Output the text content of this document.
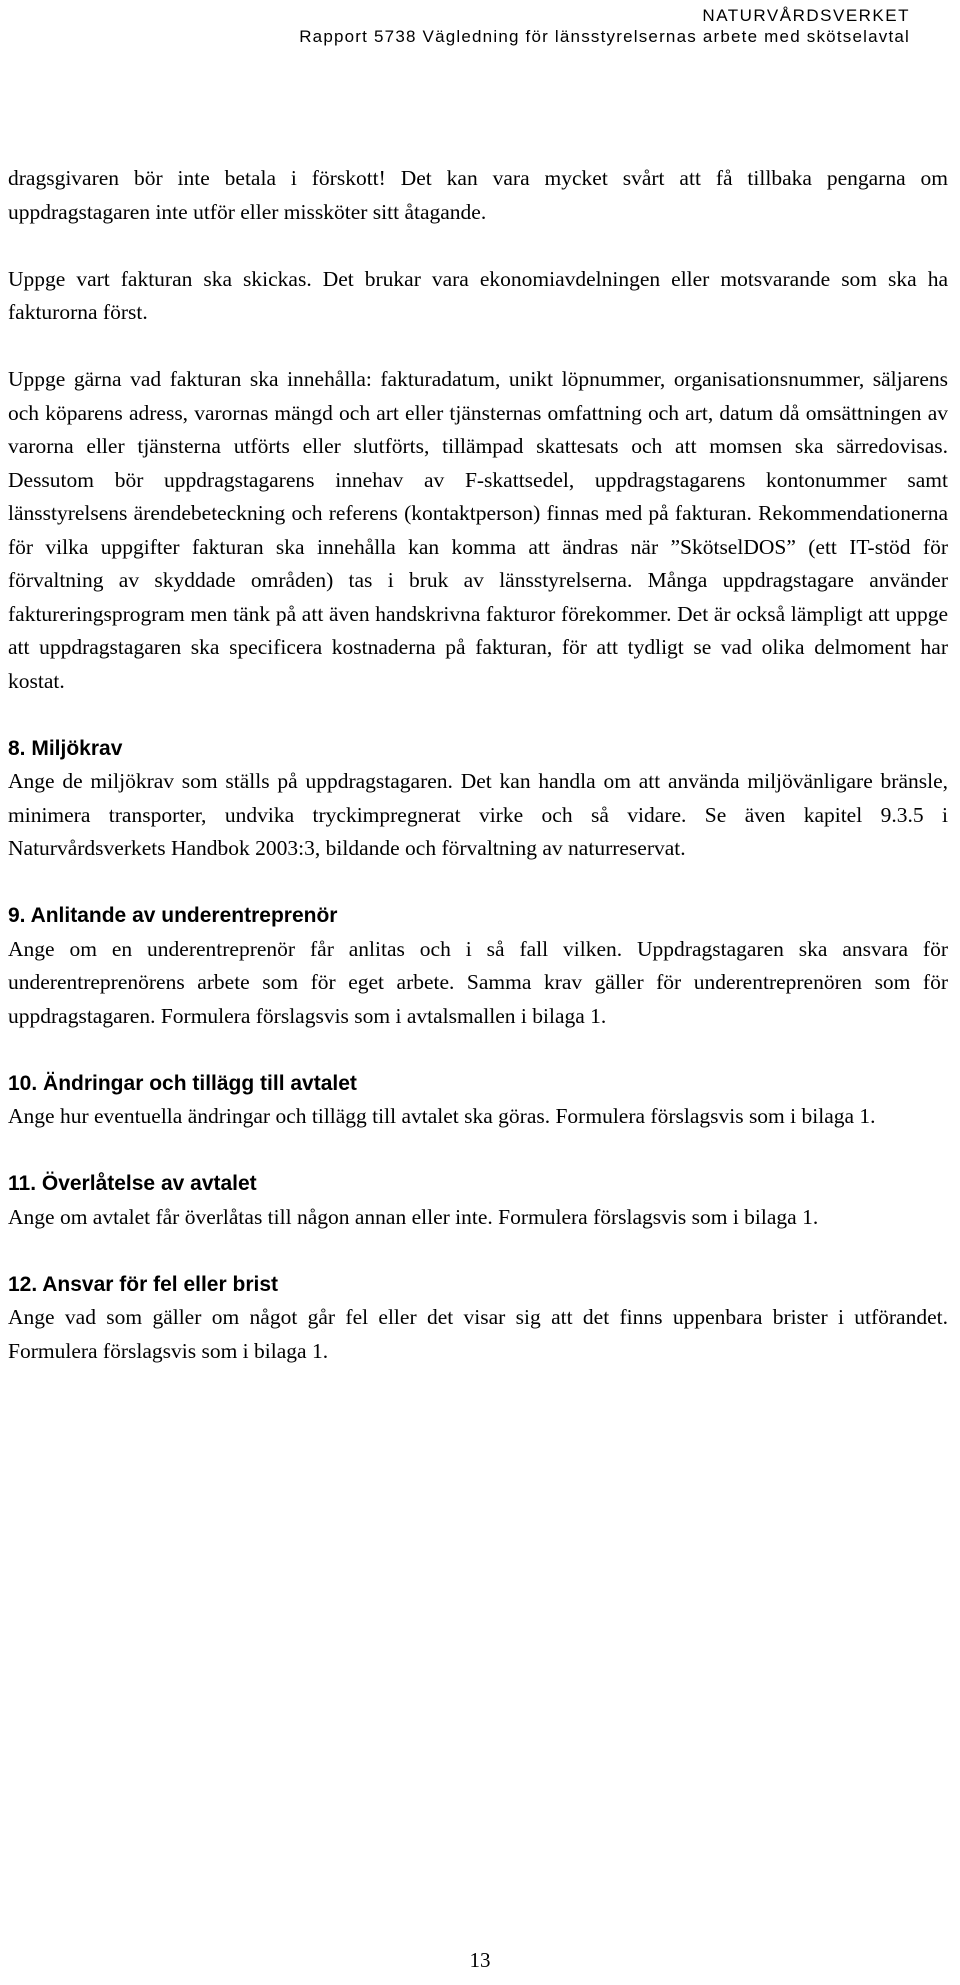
NATURVÅRDSVERKET
Rapport 5738 Vägledning för länsstyrelsernas arbete med skötselavtal

dragsgivaren bör inte betala i förskott! Det kan vara mycket svårt att få tillbaka pengarna om uppdragstagaren inte utför eller missköter sitt åtagande.

Uppge vart fakturan ska skickas. Det brukar vara ekonomiavdelningen eller motsvarande som ska ha fakturorna först.

Uppge gärna vad fakturan ska innehålla: fakturadatum, unikt löpnummer, organisationsnummer, säljarens och köparens adress, varornas mängd och art eller tjänsternas omfattning och art, datum då omsättningen av varorna eller tjänsterna utförts eller slutförts, tillämpad skattesats och att momsen ska särredovisas. Dessutom bör uppdragstagarens innehav av F-skattsedel, uppdragstagarens kontonummer samt länsstyrelsens ärendebeteckning och referens (kontaktperson) finnas med på fakturan. Rekommendationerna för vilka uppgifter fakturan ska innehålla kan komma att ändras när ”SkötselDOS” (ett IT-stöd för förvaltning av skyddade områden) tas i bruk av länsstyrelserna. Många uppdragstagare använder faktureringsprogram men tänk på att även handskrivna fakturor förekommer. Det är också lämpligt att uppge att uppdragstagaren ska specificera kostnaderna på fakturan, för att tydligt se vad olika delmoment har kostat.

8. Miljökrav

Ange de miljökrav som ställs på uppdragstagaren. Det kan handla om att använda miljövänligare bränsle, minimera transporter, undvika tryckimpregnerat virke och så vidare. Se även kapitel 9.3.5 i Naturvårdsverkets Handbok 2003:3, bildande och förvaltning av naturreservat.

9. Anlitande av underentreprenör

Ange om en underentreprenör får anlitas och i så fall vilken. Uppdragstagaren ska ansvara för underentreprenörens arbete som för eget arbete. Samma krav gäller för underentreprenören som för uppdragstagaren. Formulera förslagsvis som i avtalsmallen i bilaga 1.

10. Ändringar och tillägg till avtalet

Ange hur eventuella ändringar och tillägg till avtalet ska göras. Formulera förslagsvis som i bilaga 1.

11. Överlåtelse av avtalet

Ange om avtalet får överlåtas till någon annan eller inte. Formulera förslagsvis som i bilaga 1.

12. Ansvar för fel eller brist

Ange vad som gäller om något går fel eller det visar sig att det finns uppenbara brister i utförandet. Formulera förslagsvis som i bilaga 1.

13
